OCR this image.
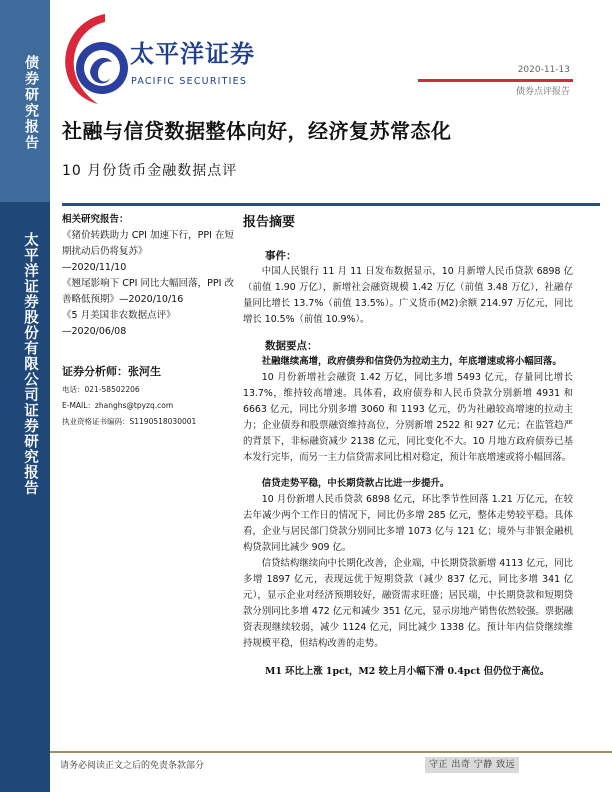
债券研究报告
太平洋证券股份有限公司证券研究报告
太平洋证券
PACIFIC SECURITIES
2020-11-13
债券点评报告
社融与信贷数据整体向好，经济复苏常态化
10 月份货币金融数据点评
相关研究报告：
《猪价转跌助力 CPI 加速下行，PPI 在短期扰动后仍将复苏》
—2020/11/10
《翘尾影响下 CPI 同比大幅回落，PPI 改善略低预期》—2020/10/16
《5 月美国非农数据点评》
—2020/06/08
证券分析师：张河生
电话：021-58502206
E-MAIL：zhanghs@tpyzq.com
执业资格证书编码：S1190518030001
报告摘要
事件：
中国人民银行 11 月 11 日发布数据显示，10 月新增人民币贷款 6898 亿（前值 1.90 万亿），新增社会融资规模 1.42 万亿（前值 3.48 万亿），社融存量同比增长 13.7%（前值 13.5%）。广义货币(M2)余额 214.97 万亿元，同比增长 10.5%（前值 10.9%）。
数据要点：
社融继续高增，政府债券和信贷仍为拉动主力，年底增速或将小幅回落。
10 月份新增社会融资 1.42 万亿，同比多增 5493 亿元，存量同比增长 13.7%，维持较高增速。具体看，政府债券和人民币贷款分别新增 4931 和 6663 亿元，同比分别多增 3060 和 1193 亿元，仍为社融较高增速的拉动主力；企业债券和股票融资维持高位，分别新增 2522 和 927 亿元；在监管趋严的背景下，非标融资减少 2138 亿元，同比变化不大。10 月地方政府债券已基本发行完毕，而另一主力信贷需求同比相对稳定，预计年底增速或将小幅回落。
信贷走势平稳，中长期贷款占比进一步提升。
10 月份新增人民币贷款 6898 亿元，环比季节性回落 1.21 万亿元，在较去年减少两个工作日的情况下，同比仍多增 285 亿元，整体走势较平稳。具体看，企业与居民部门贷款分别同比多增 1073 亿与 121 亿；境外与非银金融机构贷款同比减少 909 亿。
信贷结构继续向中长期化改善，企业端，中长期贷款新增 4113 亿元，同比多增 1897 亿元，表现远优于短期贷款（减少 837 亿元，同比多增 341 亿元），显示企业对经济预期较好，融资需求旺盛；居民端，中长期贷款和短期贷款分别同比多增 472 亿元和减少 351 亿元，显示房地产销售依然较强。票据融资表现继续较弱，减少 1124 亿元，同比减少 1338 亿。预计年内信贷继续维持规模平稳，但结构改善的走势。
M1 环比上涨 1pct，M2 较上月小幅下滑 0.4pct 但仍位于高位。
请务必阅读正文之后的免责条款部分	守正 出奇 宁静 致远
